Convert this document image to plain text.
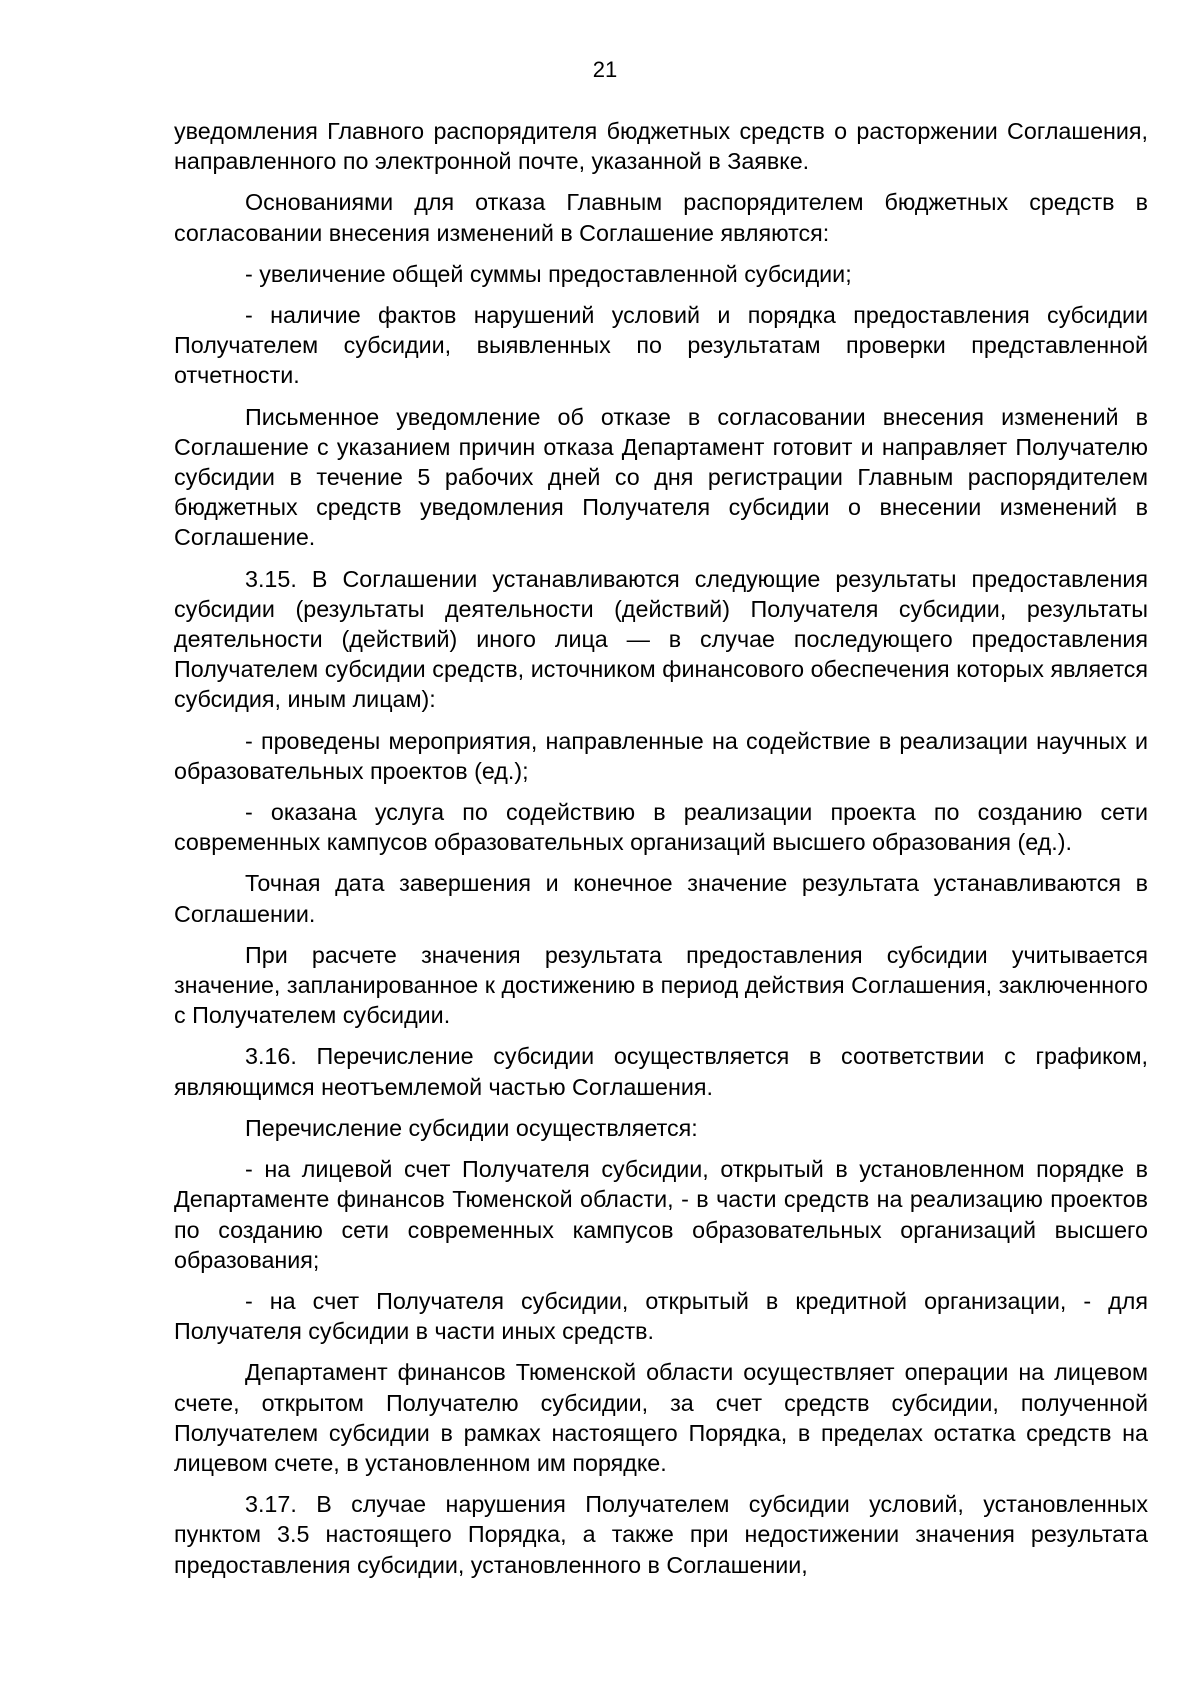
21

уведомления Главного распорядителя бюджетных средств о расторжении Соглашения, направленного по электронной почте, указанной в Заявке.

Основаниями для отказа Главным распорядителем бюджетных средств в согласовании внесения изменений в Соглашение являются:

- увеличение общей суммы предоставленной субсидии;

- наличие фактов нарушений условий и порядка предоставления субсидии Получателем субсидии, выявленных по результатам проверки представленной отчетности.

Письменное уведомление об отказе в согласовании внесения изменений в Соглашение с указанием причин отказа Департамент готовит и направляет Получателю субсидии в течение 5 рабочих дней со дня регистрации Главным распорядителем бюджетных средств уведомления Получателя субсидии о внесении изменений в Соглашение.

3.15. В Соглашении устанавливаются следующие результаты предоставления субсидии (результаты деятельности (действий) Получателя субсидии, результаты деятельности (действий) иного лица — в случае последующего предоставления Получателем субсидии средств, источником финансового обеспечения которых является субсидия, иным лицам):

- проведены мероприятия, направленные на содействие в реализации научных и образовательных проектов (ед.);

- оказана услуга по содействию в реализации проекта по созданию сети современных кампусов образовательных организаций высшего образования (ед.).

Точная дата завершения и конечное значение результата устанавливаются в Соглашении.

При расчете значения результата предоставления субсидии учитывается значение, запланированное к достижению в период действия Соглашения, заключенного с Получателем субсидии.

3.16. Перечисление субсидии осуществляется в соответствии с графиком, являющимся неотъемлемой частью Соглашения.

Перечисление субсидии осуществляется:

- на лицевой счет Получателя субсидии, открытый в установленном порядке в Департаменте финансов Тюменской области, - в части средств на реализацию проектов по созданию сети современных кампусов образовательных организаций высшего образования;

- на счет Получателя субсидии, открытый в кредитной организации, - для Получателя субсидии в части иных средств.

Департамент финансов Тюменской области осуществляет операции на лицевом счете, открытом Получателю субсидии, за счет средств субсидии, полученной Получателем субсидии в рамках настоящего Порядка, в пределах остатка средств на лицевом счете, в установленном им порядке.

3.17. В случае нарушения Получателем субсидии условий, установленных пунктом 3.5 настоящего Порядка, а также при недостижении значения результата предоставления субсидии, установленного в Соглашении,
